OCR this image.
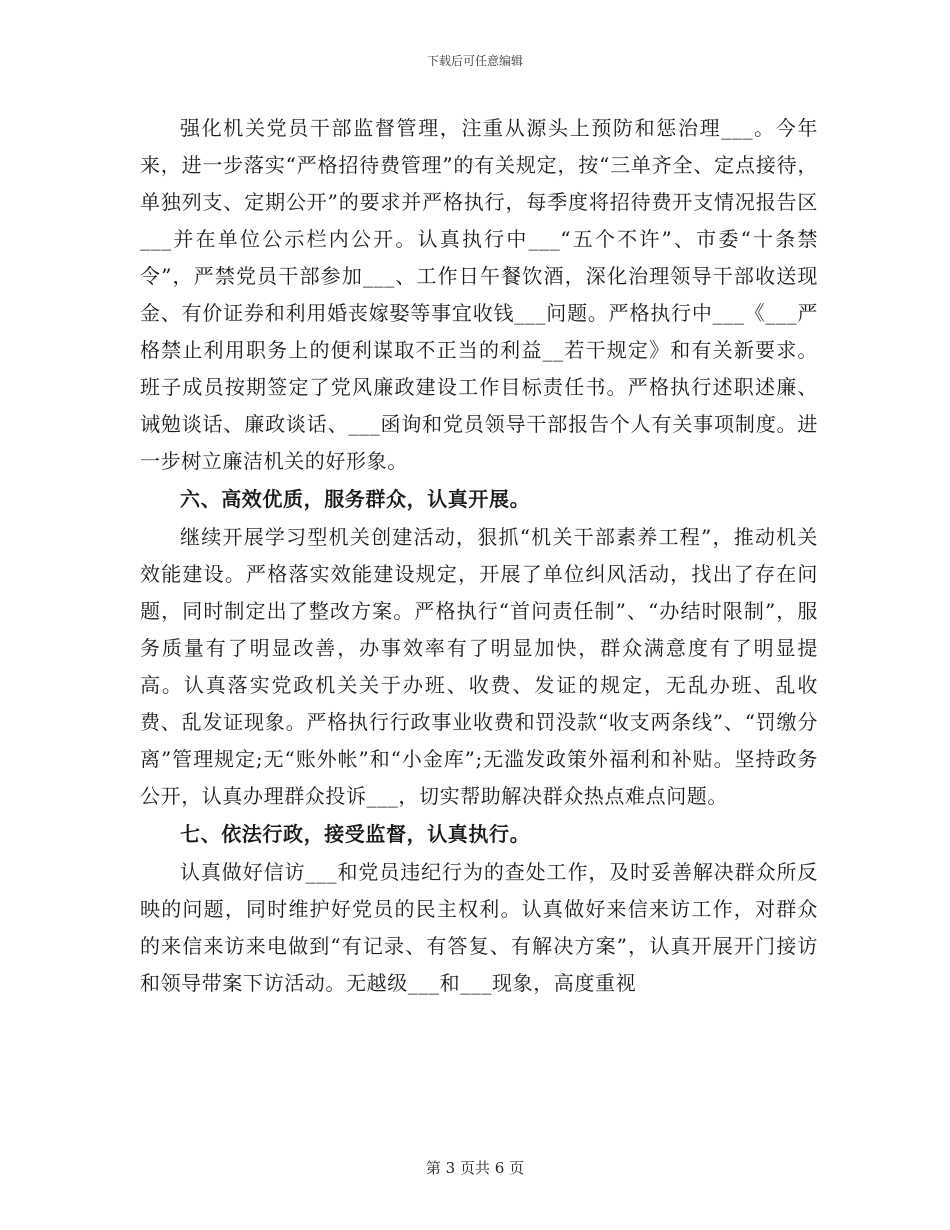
下载后可任意编辑

强化机关党员干部监督管理，注重从源头上预防和惩治理___。今年来，进一步落实“严格招待费管理”的有关规定，按“三单齐全、定点接待，单独列支、定期公开”的要求并严格执行，每季度将招待费开支情况报告区___并在单位公示栏内公开。认真执行中___“五个不许”、市委“十条禁令”，严禁党员干部参加___、工作日午餐饮酒，深化治理领导干部收送现金、有价证券和利用婚丧嫁娶等事宜收钱___问题。严格执行中___《___严格禁止利用职务上的便利谋取不正当的利益__若干规定》和有关新要求。班子成员按期签定了党风廉政建设工作目标责任书。严格执行述职述廉、诫勉谈话、廉政谈话、___函询和党员领导干部报告个人有关事项制度。进一步树立廉洁机关的好形象。

六、高效优质，服务群众，认真开展。

继续开展学习型机关创建活动，狠抓“机关干部素养工程”，推动机关效能建设。严格落实效能建设规定，开展了单位纠风活动，找出了存在问题，同时制定出了整改方案。严格执行“首问责任制”、“办结时限制”，服务质量有了明显改善，办事效率有了明显加快，群众满意度有了明显提高。认真落实党政机关关于办班、收费、发证的规定，无乱办班、乱收费、乱发证现象。严格执行行政事业收费和罚没款“收支两条线”、“罚缴分离”管理规定;无“账外帐”和“小金库”;无滥发政策外福利和补贴。坚持政务公开，认真办理群众投诉___，切实帮助解决群众热点难点问题。

七、依法行政，接受监督，认真执行。

认真做好信访___和党员违纪行为的查处工作，及时妥善解决群众所反映的问题，同时维护好党员的民主权利。认真做好来信来访工作，对群众的来信来访来电做到“有记录、有答复、有解决方案”，认真开展开门接访和领导带案下访活动。无越级___和___现象，高度重视

第 3 页共 6 页
